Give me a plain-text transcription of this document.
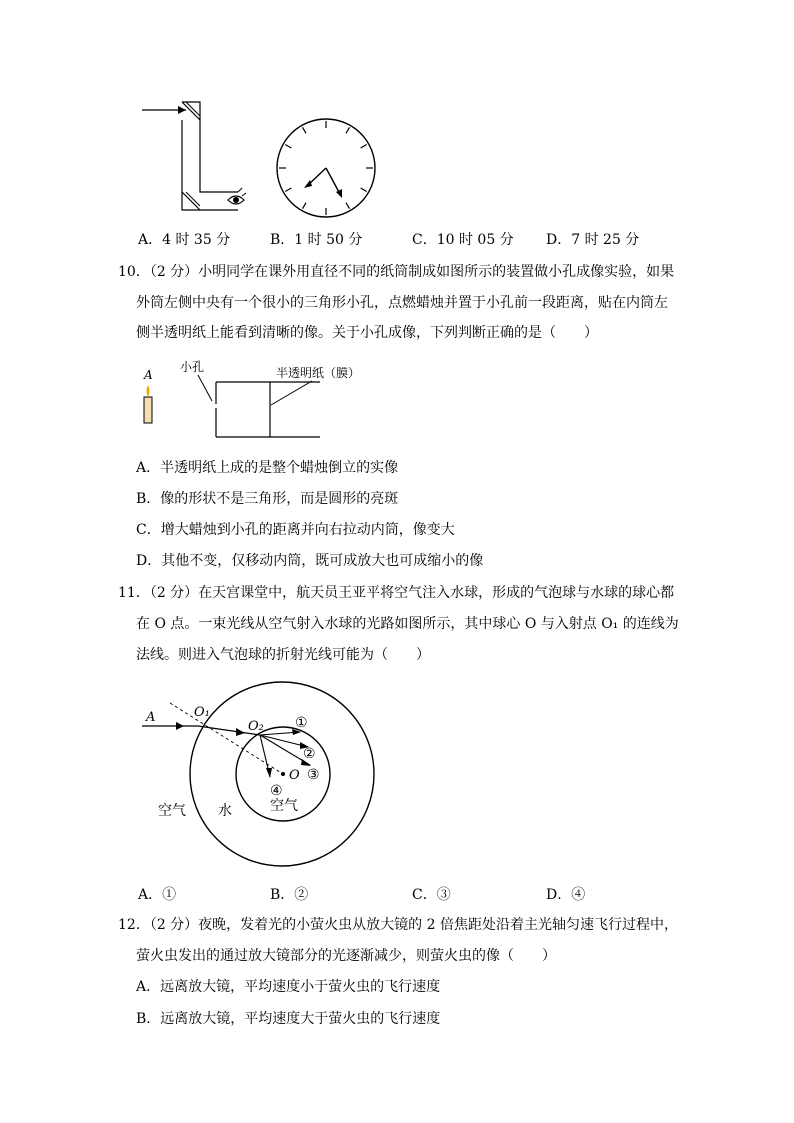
A．4 时 35 分	B．1 时 50 分	C．10 时 05 分 D．7 时 25 分
10．（2 分）小明同学在课外用直径不同的纸筒制成如图所示的装置做小孔成像实验，如果
外筒左侧中央有一个很小的三角形小孔，点燃蜡烛并置于小孔前一段距离，贴在内筒左
侧半透明纸上能看到清晰的像。关于小孔成像，下列判断正确的是（　　）
A
小孔	半透明纸（膜）
A．半透明纸上成的是整个蜡烛倒立的实像
B．像的形状不是三角形，而是圆形的亮斑
C．增大蜡烛到小孔的距离并向右拉动内筒，像变大
D．其他不变，仅移动内筒，既可成放大也可成缩小的像
11．（2 分）在天宫课堂中，航天员王亚平将空气注入水球，形成的气泡球与水球的球心都
在 O 点。一束光线从空气射入水球的光路如图所示，其中球心 O 与入射点 O₁ 的连线为
法线。则进入气泡球的折射光线可能为（　　）
A	O₁
O₂
O
①
②
③
④
空气 水	空气
A．①	B．②	C．③	D．④
12．（2 分）夜晚，发着光的小萤火虫从放大镜的 2 倍焦距处沿着主光轴匀速飞行过程中，
萤火虫发出的通过放大镜部分的光逐渐减少，则萤火虫的像（　　）
A．远离放大镜，平均速度小于萤火虫的飞行速度
B．远离放大镜，平均速度大于萤火虫的飞行速度
